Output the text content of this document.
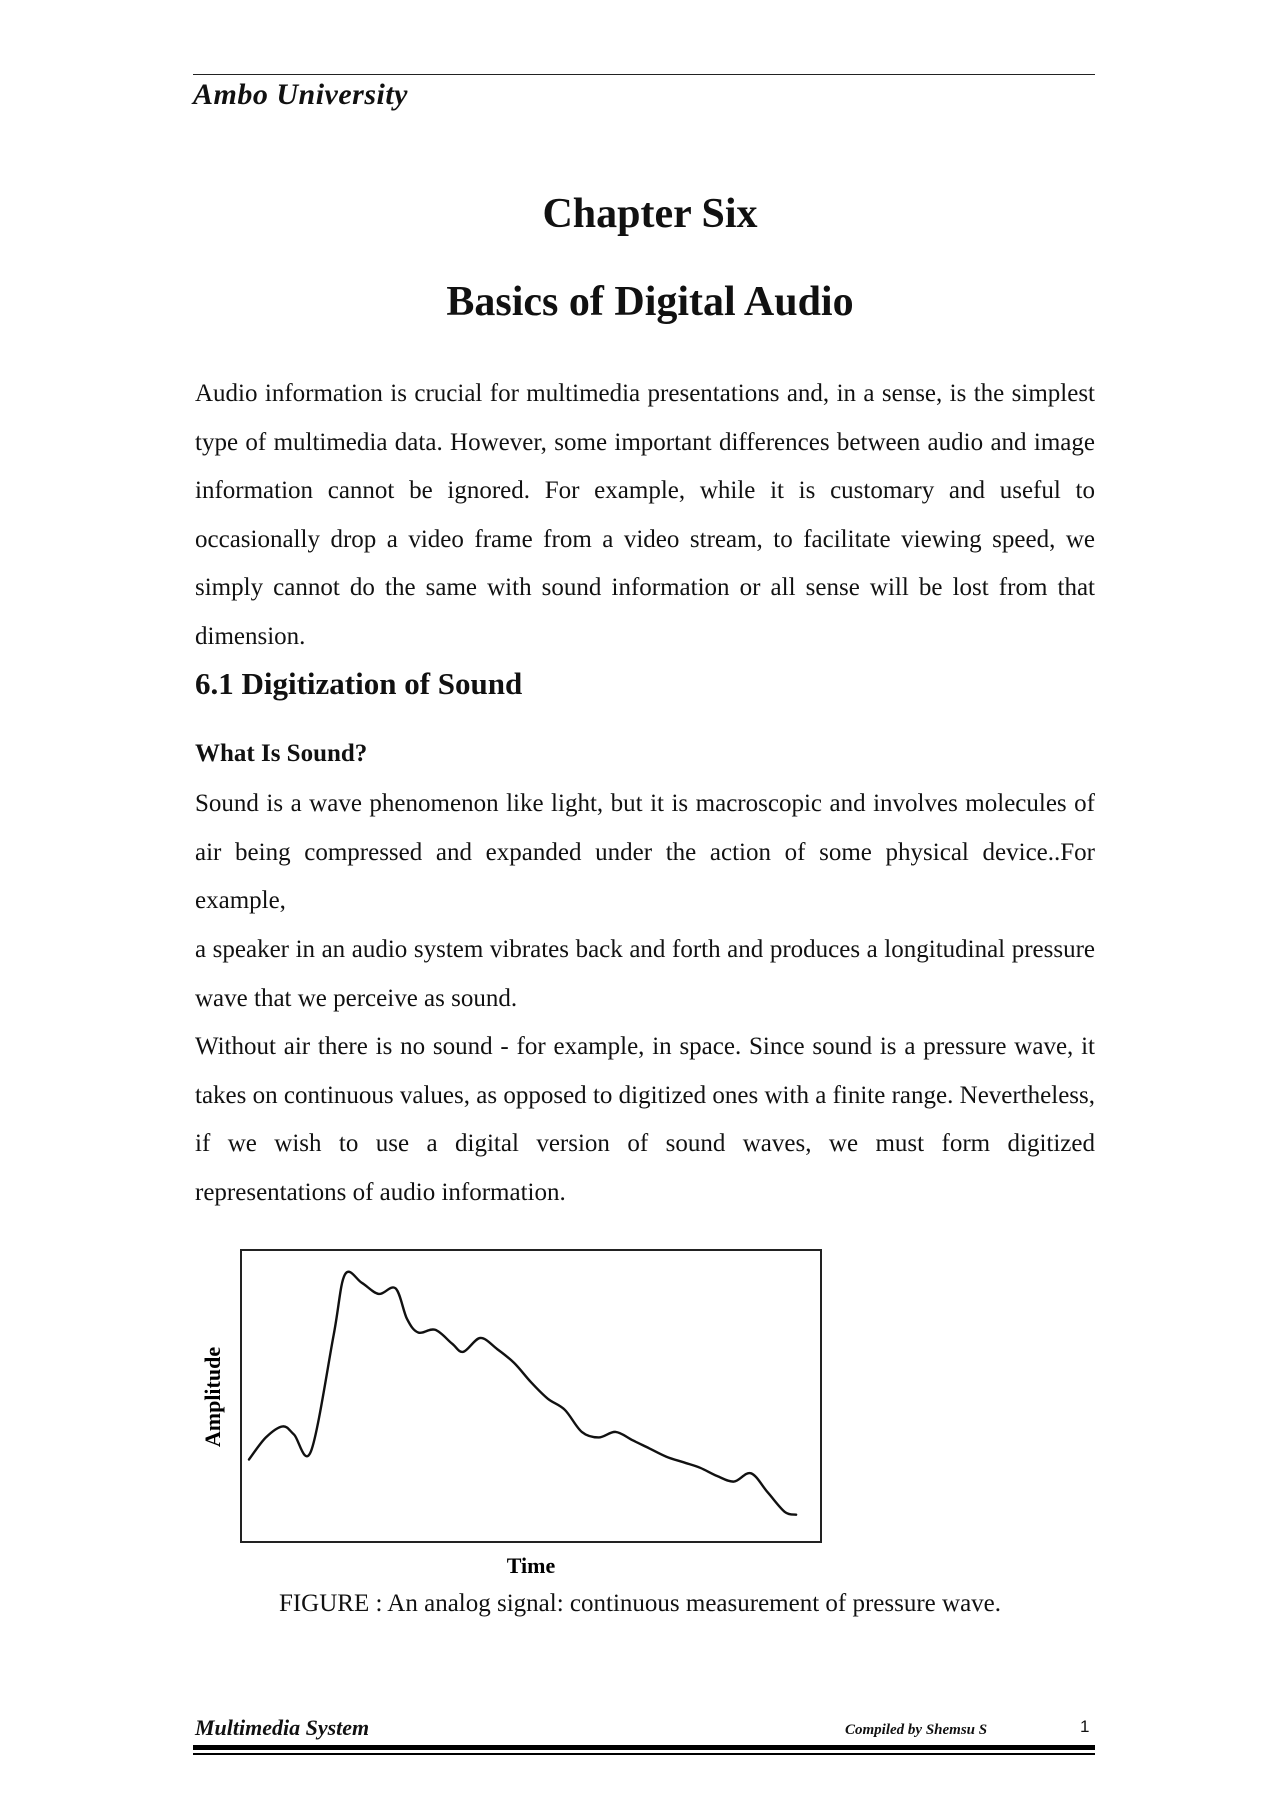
Ambo University

Chapter Six
Basics of Digital Audio

Audio information is crucial for multimedia presentations and, in a sense, is the simplest type of multimedia data. However, some important differences between audio and image information cannot be ignored. For example, while it is customary and useful to occasionally drop a video frame from a video stream, to facilitate viewing speed, we simply cannot do the same with sound information or all sense will be lost from that dimension.

6.1 Digitization of Sound
What Is Sound?

Sound is a wave phenomenon like light, but it is macroscopic and involves molecules of air being compressed and expanded under the action of some physical device..For example,

a speaker in an audio system vibrates back and forth and produces a longitudinal pressure wave that we perceive as sound.

Without air there is no sound - for example, in space. Since sound is a pressure wave, it takes on continuous values, as opposed to digitized ones with a finite range. Nevertheless, if we wish to use a digital version of sound waves, we must form digitized representations of audio information.

Amplitude
Time

FIGURE : An analog signal: continuous measurement of pressure wave.

Multimedia System	Compiled by Shemsu S	1
